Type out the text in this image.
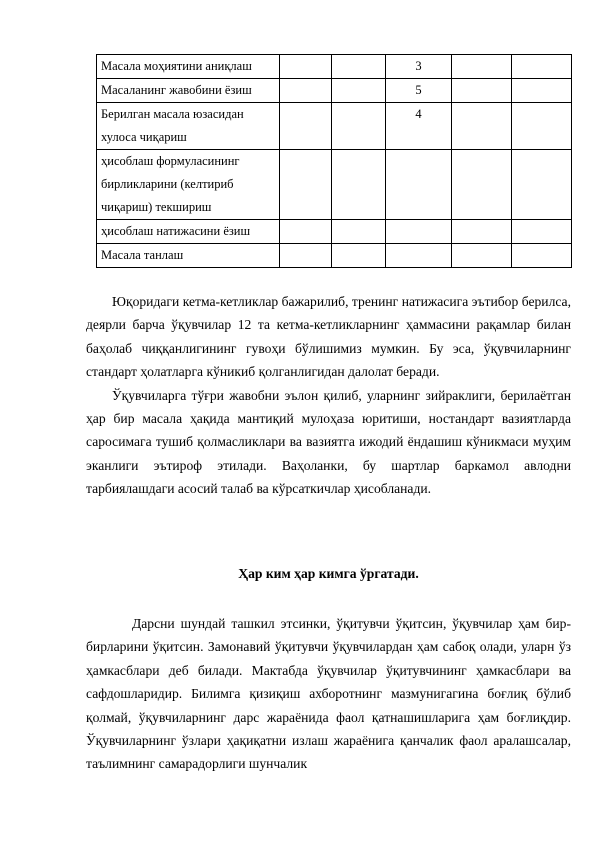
Масала моҳиятини аниқлаш			3		
Масаланинг жавобини ёзиш			5		
Берилган масала юзасидан хулоса чиқариш			4		
ҳисоблаш формуласининг бирликларини (келтириб чиқариш) текшириш					
ҳисоблаш натижасини ёзиш					
Масала танлаш					

Юқоридаги кетма-кетликлар бажарилиб, тренинг натижасига эътибор берилса, деярли барча ўқувчилар 12 та кетма-кетликларнинг ҳаммасини рақамлар билан баҳолаб чиққанлигининг гувоҳи бўлишимиз мумкин. Бу эса, ўқувчиларнинг стандарт ҳолатларга кўникиб қолганлигидан далолат беради.

Ўқувчиларга тўғри жавобни эълон қилиб, уларнинг зийраклиги, берилаётган ҳар бир масала ҳақида мантиқий мулоҳаза юритиши, ностандарт вазиятларда саросимага тушиб қолмасликлари ва вазиятга ижодий ёндашиш кўникмаси муҳим эканлиги эътироф этилади. Ваҳоланки, бу шартлар баркамол авлодни тарбиялашдаги асосий талаб ва кўрсаткичлар ҳисобланади.

Ҳар ким ҳар кимга ўргатади.

Дарсни шундай ташкил этсинки, ўқитувчи ўқитсин, ўқувчилар ҳам бир-бирларини ўқитсин. Замонавий ўқитувчи ўқувчилардан ҳам сабоқ олади, уларн ўз ҳамкасблари деб билади. Мактабда ўқувчилар ўқитувчининг ҳамкасблари ва сафдошларидир. Билимга қизиқиш ахборотнинг мазмунигагина боғлиқ бўлиб қолмай, ўқувчиларнинг дарс жараёнида фаол қатнашишларига ҳам боғлиқдир. Ўқувчиларнинг ўзлари ҳақиқатни излаш жараёнига қанчалик фаол аралашсалар, таълимнинг самарадорлиги шунчалик
